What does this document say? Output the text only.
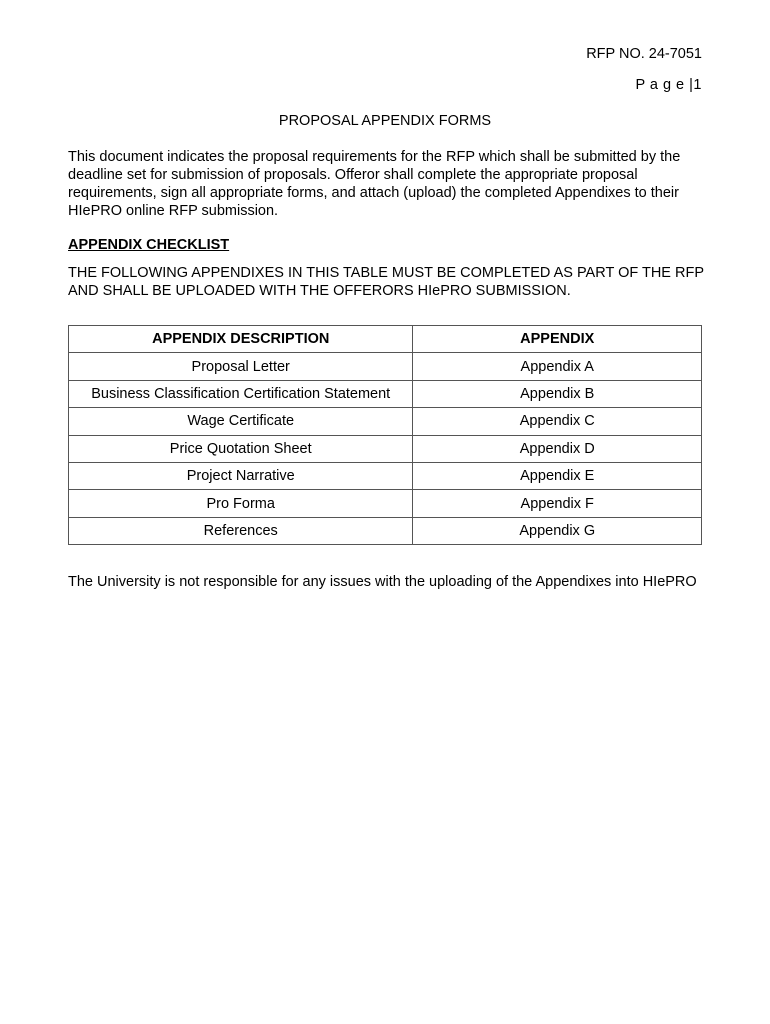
RFP NO. 24-7051
P a g e |1
PROPOSAL APPENDIX FORMS

This document indicates the proposal requirements for the RFP which shall be submitted by the deadline set for submission of proposals. Offeror shall complete the appropriate proposal requirements, sign all appropriate forms, and attach (upload) the completed Appendixes to their HIePRO online RFP submission.

APPENDIX CHECKLIST

THE FOLLOWING APPENDIXES IN THIS TABLE MUST BE COMPLETED AS PART OF THE RFP AND SHALL BE UPLOADED WITH THE OFFERORS HIePRO SUBMISSION.

APPENDIX DESCRIPTION	APPENDIX
Proposal Letter	Appendix A
Business Classification Certification Statement	Appendix B
Wage Certificate	Appendix C
Price Quotation Sheet	Appendix D
Project Narrative	Appendix E
Pro Forma	Appendix F
References	Appendix G

The University is not responsible for any issues with the uploading of the Appendixes into HIePRO
